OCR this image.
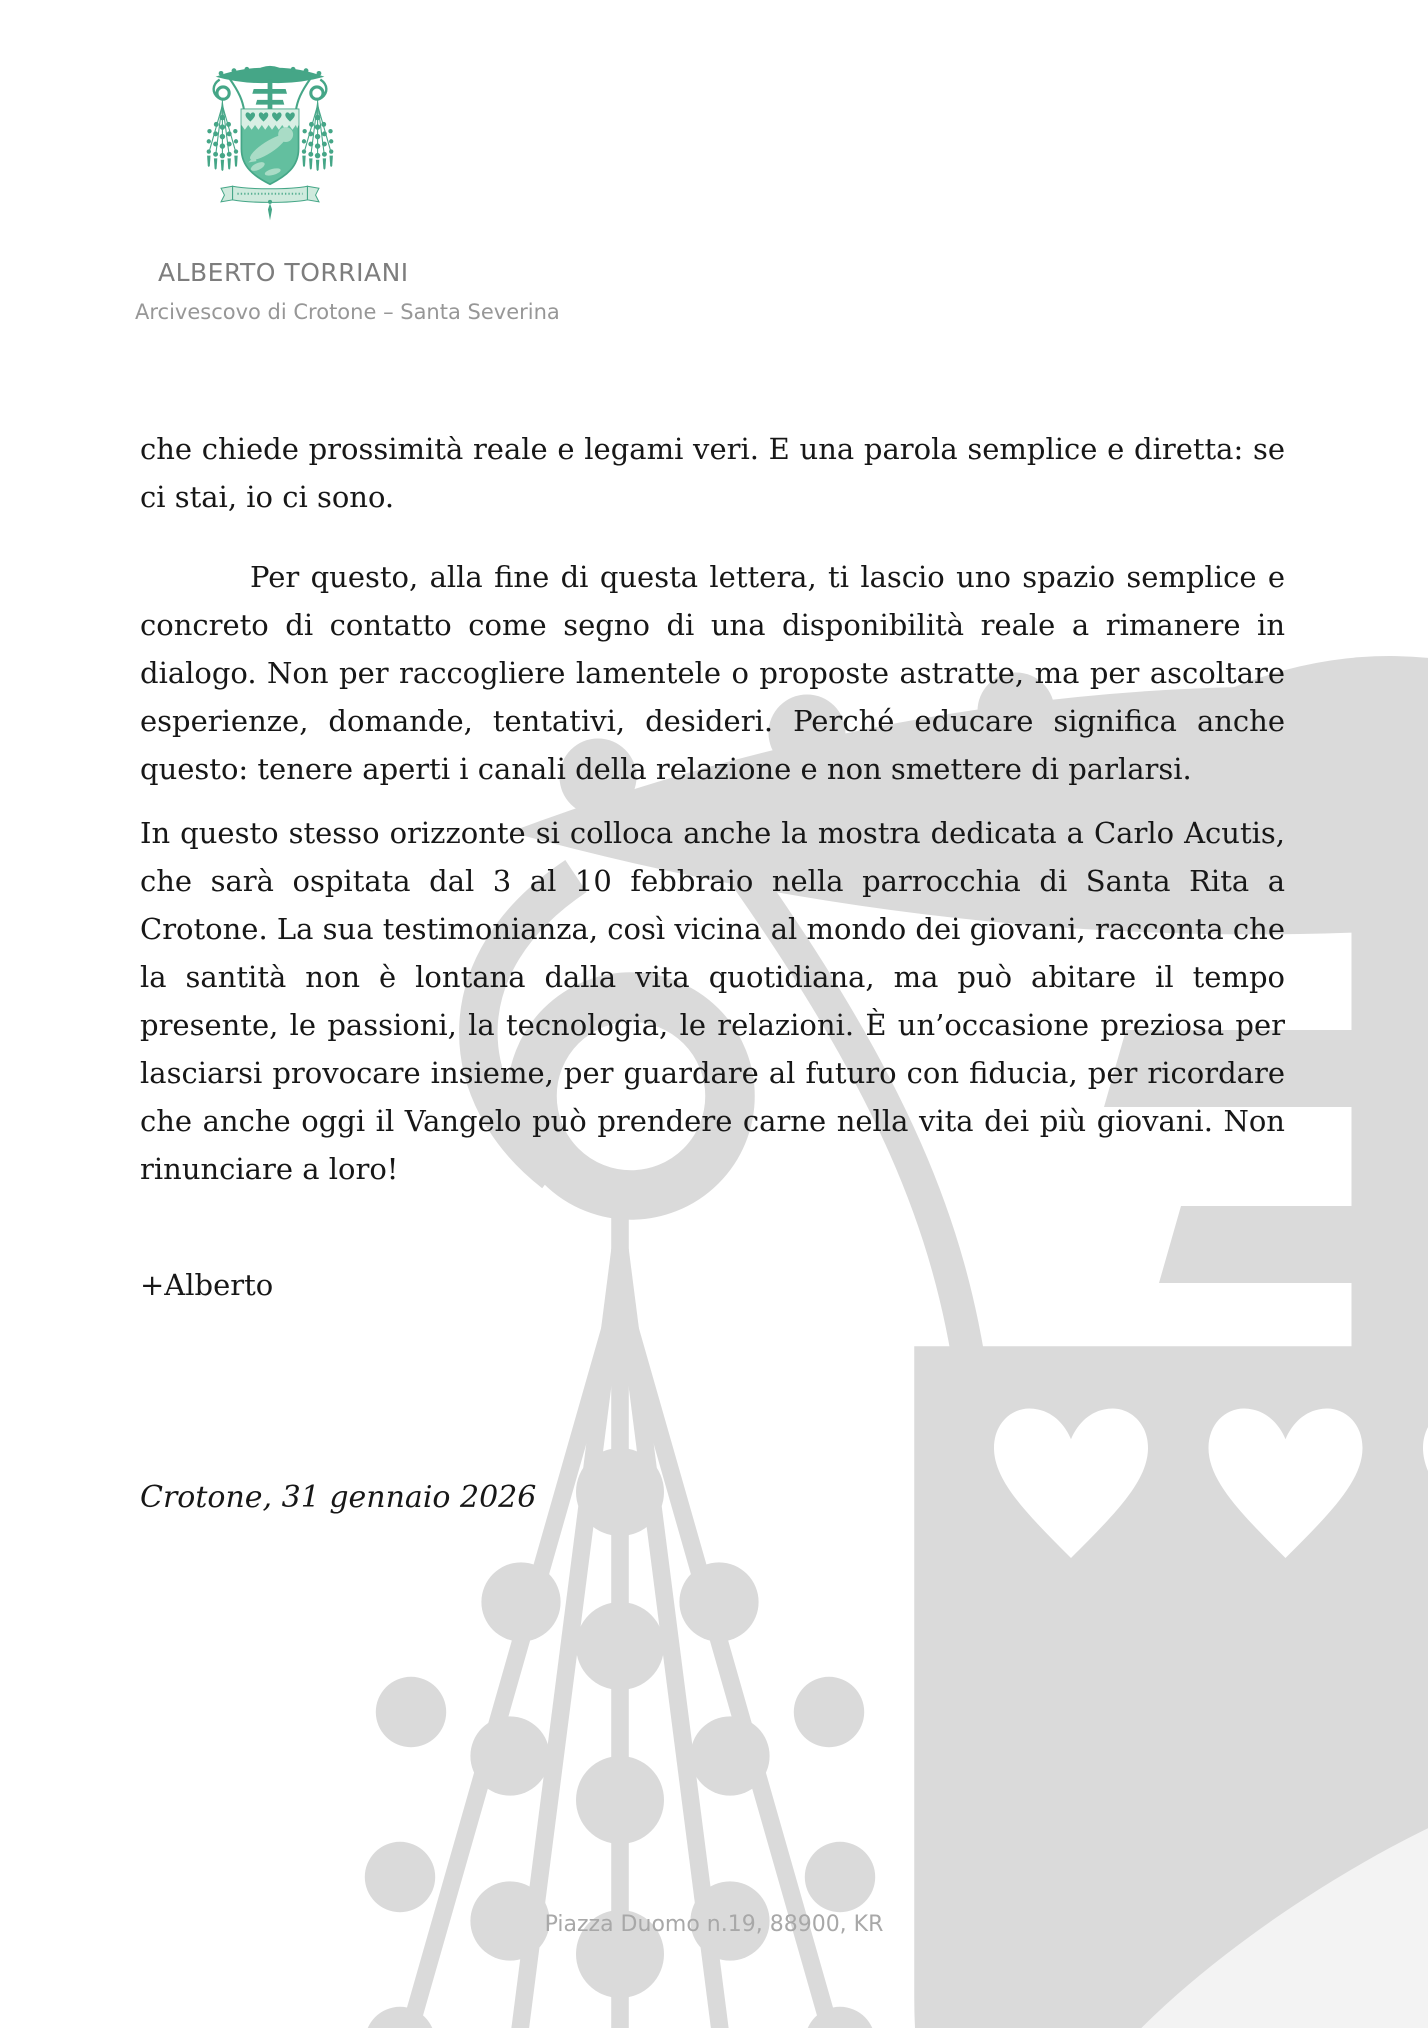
ALBERTO TORRIANI
Arcivescovo di Crotone – Santa Severina

che chiede prossimità reale e legami veri. E una parola semplice e diretta: se ci stai, io ci sono.

Per questo, alla fine di questa lettera, ti lascio uno spazio semplice e concreto di contatto come segno di una disponibilità reale a rimanere in dialogo. Non per raccogliere lamentele o proposte astratte, ma per ascoltare esperienze, domande, tentativi, desideri. Perché educare significa anche questo: tenere aperti i canali della relazione e non smettere di parlarsi.

In questo stesso orizzonte si colloca anche la mostra dedicata a Carlo Acutis, che sarà ospitata dal 3 al 10 febbraio nella parrocchia di Santa Rita a Crotone. La sua testimonianza, così vicina al mondo dei giovani, racconta che la santità non è lontana dalla vita quotidiana, ma può abitare il tempo presente, le passioni, la tecnologia, le relazioni. È un’occasione preziosa per lasciarsi provocare insieme, per guardare al futuro con fiducia, per ricordare che anche oggi il Vangelo può prendere carne nella vita dei più giovani. Non rinunciare a loro!

+Alberto
Crotone, 31 gennaio 2026
Piazza Duomo n.19, 88900, KR
